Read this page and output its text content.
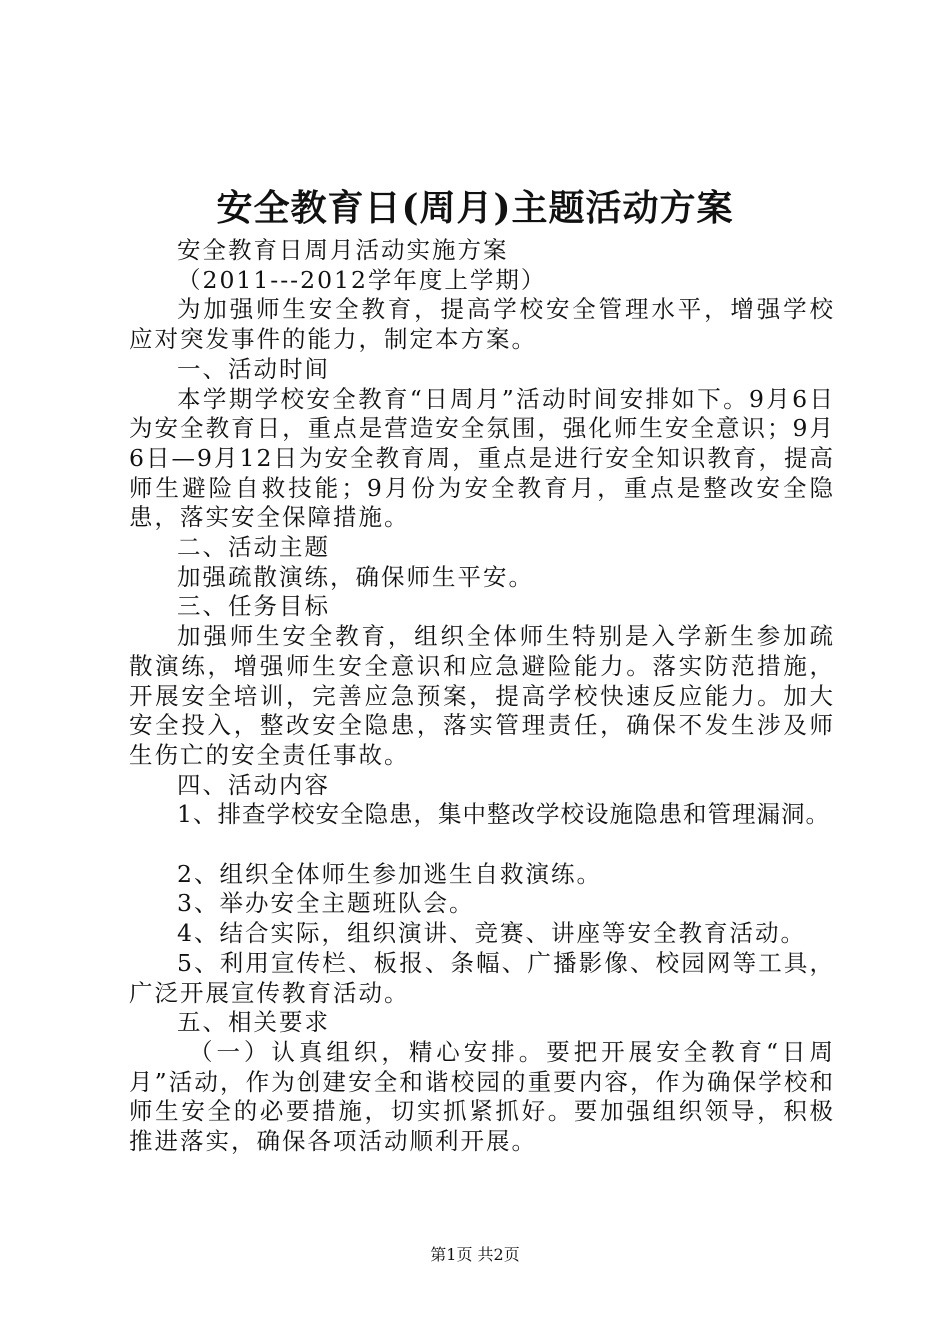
安全教育日(周月)主题活动方案

安全教育日周月活动实施方案

（2011---2012学年度上学期）

为加强师生安全教育，提高学校安全管理水平，增强学校应对突发事件的能力，制定本方案。

一、活动时间

本学期学校安全教育“日周月”活动时间安排如下。9月6日为安全教育日，重点是营造安全氛围，强化师生安全意识；9月6日—9月12日为安全教育周，重点是进行安全知识教育，提高师生避险自救技能；9月份为安全教育月，重点是整改安全隐患，落实安全保障措施。

二、活动主题

加强疏散演练，确保师生平安。

三、任务目标

加强师生安全教育，组织全体师生特别是入学新生参加疏散演练，增强师生安全意识和应急避险能力。落实防范措施，开展安全培训，完善应急预案，提高学校快速反应能力。加大安全投入，整改安全隐患，落实管理责任，确保不发生涉及师生伤亡的安全责任事故。

四、活动内容

1、排查学校安全隐患，集中整改学校设施隐患和管理漏洞。

2、组织全体师生参加逃生自救演练。

3、举办安全主题班队会。

4、结合实际，组织演讲、竞赛、讲座等安全教育活动。

5、利用宣传栏、板报、条幅、广播影像、校园网等工具，广泛开展宣传教育活动。

五、相关要求

（一）认真组织，精心安排。要把开展安全教育“日周月”活动，作为创建安全和谐校园的重要内容，作为确保学校和师生安全的必要措施，切实抓紧抓好。要加强组织领导，积极推进落实，确保各项活动顺利开展。

第1页 共2页
